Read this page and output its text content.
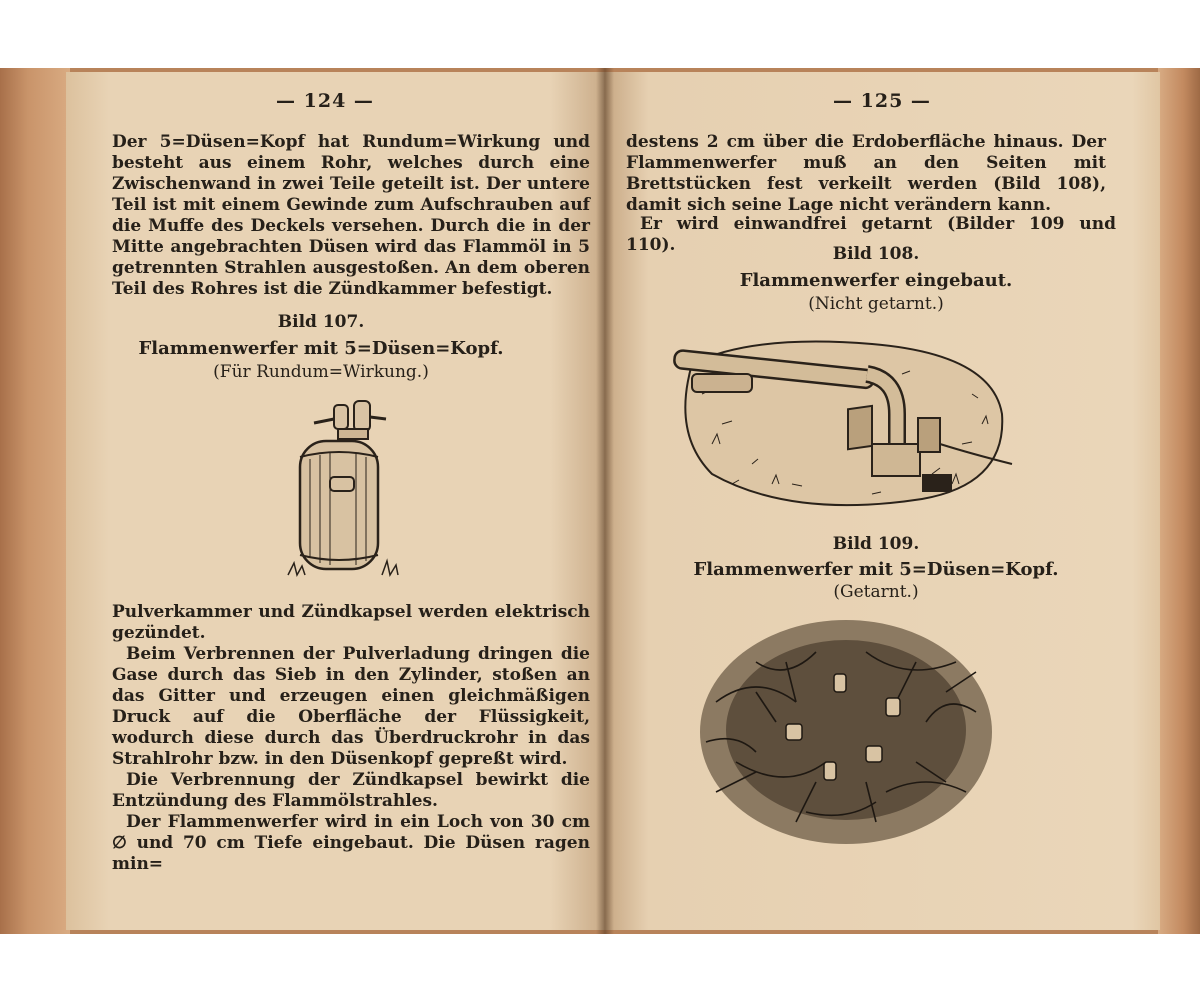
— 124 —

Der 5=Düsen=Kopf hat Rundum=Wirkung und besteht aus einem Rohr, welches durch eine Zwischenwand in zwei Teile geteilt ist. Der untere Teil ist mit einem Gewinde zum Aufschrauben auf die Muffe des Deckels versehen. Durch die in der Mitte angebrachten Düsen wird das Flammöl in 5 getrennten Strahlen ausgestoßen. An dem oberen Teil des Rohres ist die Zündkammer befestigt.

Bild 107.
Flammenwerfer mit 5=Düsen=Kopf.
(Für Rundum=Wirkung.)

Pulverkammer und Zündkapsel werden elektrisch gezündet.

Beim Verbrennen der Pulverladung dringen die Gase durch das Sieb in den Zylinder, stoßen an das Gitter und erzeugen einen gleichmäßigen Druck auf die Oberfläche der Flüssigkeit, wodurch diese durch das Überdruckrohr in das Strahlrohr bzw. in den Düsenkopf gepreßt wird.

Die Verbrennung der Zündkapsel bewirkt die Entzündung des Flammölstrahles.

Der Flammenwerfer wird in ein Loch von 30 cm ∅ und 70 cm Tiefe eingebaut. Die Düsen ragen min=

— 125 —

destens 2 cm über die Erdoberfläche hinaus. Der Flammenwerfer muß an den Seiten mit Brettstücken fest verkeilt werden (Bild 108), damit sich seine Lage nicht verändern kann.

Er wird einwandfrei getarnt (Bilder 109 und 110).	Bild 108.
Flammenwerfer eingebaut.
(Nicht getarnt.)
Bild 109.
Flammenwerfer mit 5=Düsen=Kopf.
(Getarnt.)
